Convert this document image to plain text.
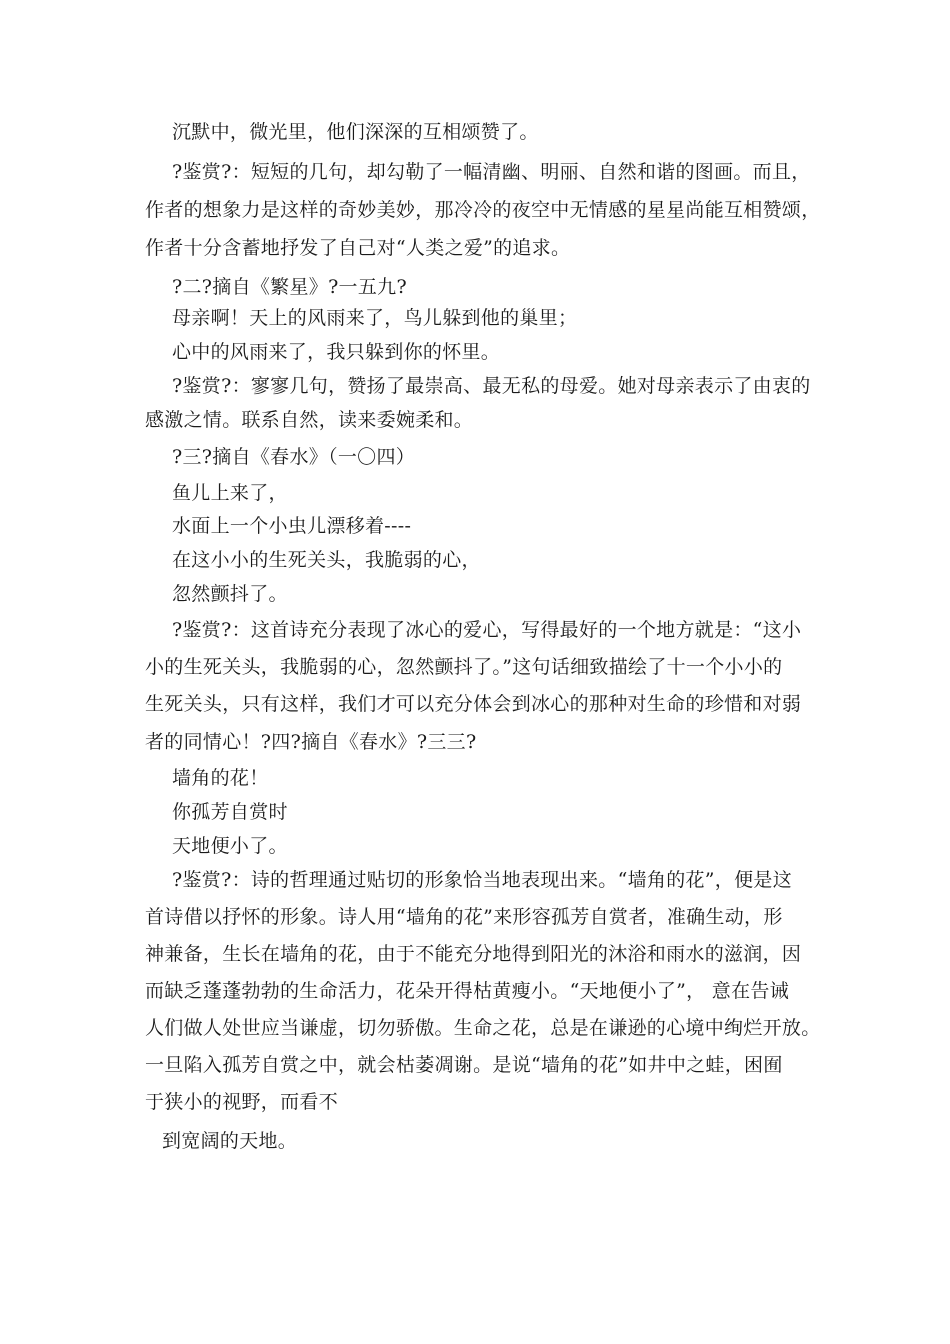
沉默中，微光里，他们深深的互相颂赞了。
?鉴赏?：短短的几句，却勾勒了一幅清幽、明丽、自然和谐的图画。而且，
作者的想象力是这样的奇妙美妙，那冷冷的夜空中无情感的星星尚能互相赞颂，
作者十分含蓄地抒发了自己对“人类之爱”的追求。
?二?摘自《繁星》?一五九?
母亲啊！天上的风雨来了，鸟儿躲到他的巢里；
心中的风雨来了，我只躲到你的怀里。
?鉴赏?：寥寥几句，赞扬了最崇高、最无私的母爱。她对母亲表示了由衷的
感激之情。联系自然，读来委婉柔和。
?三?摘自《春水》（一〇四）
鱼儿上来了，
水面上一个小虫儿漂移着----
在这小小的生死关头，我脆弱的心，
忽然颤抖了。
?鉴赏?：这首诗充分表现了冰心的爱心，写得最好的一个地方就是：“这小
小的生死关头，我脆弱的心，忽然颤抖了。”这句话细致描绘了十一个小小的
生死关头，只有这样，我们才可以充分体会到冰心的那种对生命的珍惜和对弱
者的同情心！?四?摘自《春水》?三三?
墙角的花！
你孤芳自赏时
天地便小了。
?鉴赏?：诗的哲理通过贴切的形象恰当地表现出来。“墙角的花”，便是这
首诗借以抒怀的形象。诗人用“墙角的花”来形容孤芳自赏者，准确生动，形
神兼备，生长在墙角的花，由于不能充分地得到阳光的沐浴和雨水的滋润，因
而缺乏蓬蓬勃勃的生命活力，花朵开得枯黄瘦小。“天地便小了”， 意在告诫
人们做人处世应当谦虚，切勿骄傲。生命之花，总是在谦逊的心境中绚烂开放。
一旦陷入孤芳自赏之中，就会枯萎凋谢。是说“墙角的花”如井中之蛙，困囿
于狭小的视野，而看不
到宽阔的天地。
